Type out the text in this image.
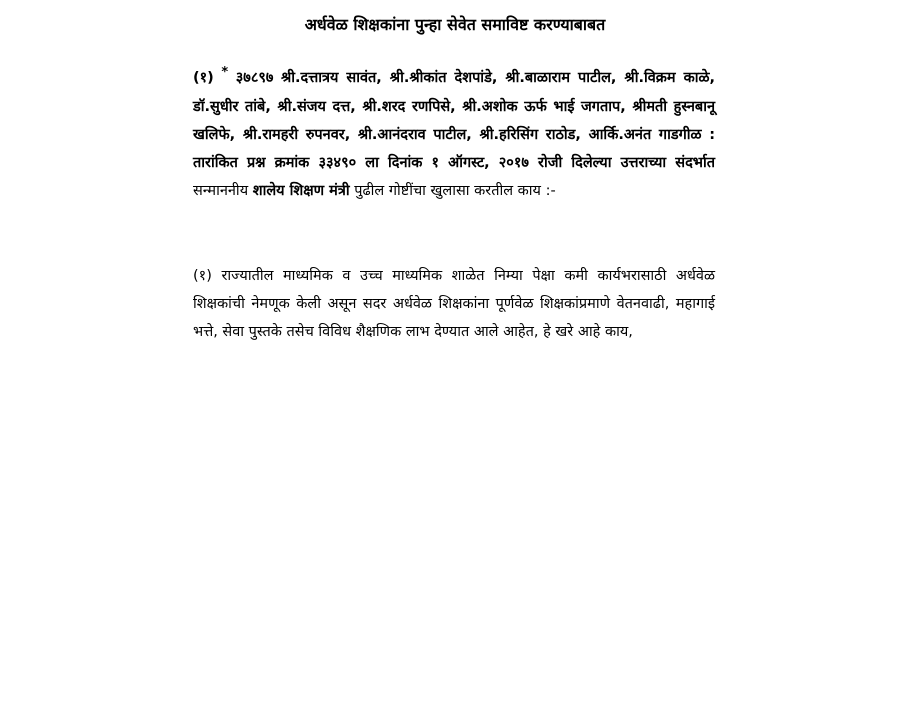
अर्धवेळ शिक्षकांना पुन्हा सेवेत समाविष्ट करण्याबाबत
(१) * ३७८९७ श्री.दत्तात्रय सावंत, श्री.श्रीकांत देशपांडे, श्री.बाळाराम पाटील, श्री.विक्रम काळे, डॉ.सुधीर तांबे, श्री.संजय दत्त, श्री.शरद रणपिसे, श्री.अशोक ऊर्फ भाई जगताप, श्रीमती हुस्नबानू खलिफे, श्री.रामहरी रुपनवर, श्री.आनंदराव पाटील, श्री.हरिसिंग राठोड, आर्कि.अनंत गाडगीळ : तारांकित प्रश्न क्रमांक ३३४९० ला दिनांक १ ऑगस्ट, २०१७ रोजी दिलेल्या उत्तराच्या संदर्भात सन्माननीय शालेय शिक्षण मंत्री पुढील गोष्टींचा खुलासा करतील काय :-
(१) राज्यातील माध्यमिक व उच्च माध्यमिक शाळेत निम्या पेक्षा कमी कार्यभरासाठी अर्धवेळ शिक्षकांची नेमणूक केली असून सदर अर्धवेळ शिक्षकांना पूर्णवेळ शिक्षकांप्रमाणे वेतनवाढी, महागाई भत्ते, सेवा पुस्तके तसेच विविध शैक्षणिक लाभ देण्यात आले आहेत, हे खरे आहे काय,
